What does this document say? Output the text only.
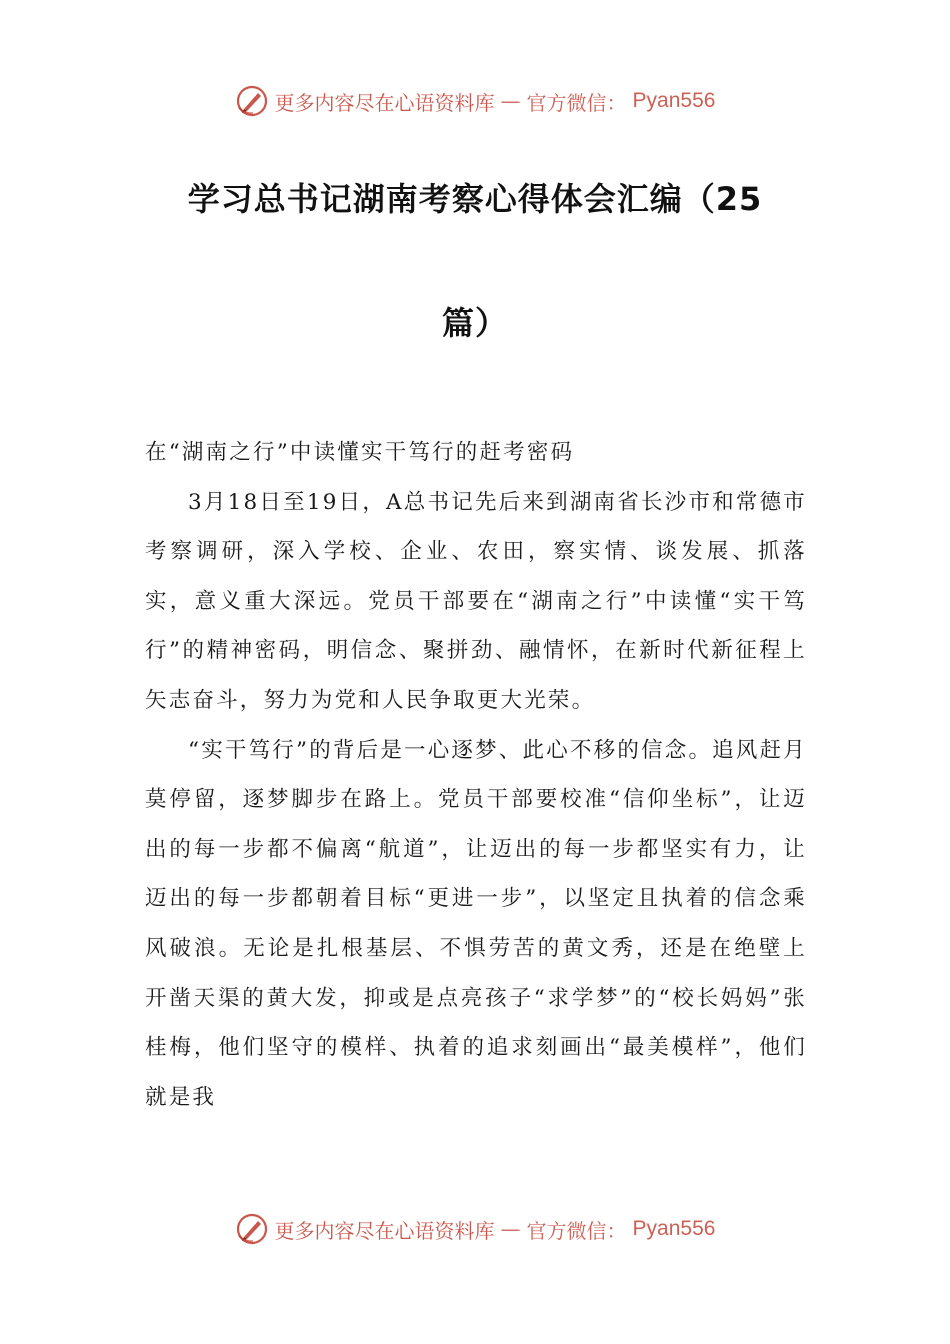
更多内容尽在心语资料库 — 官方微信： Pyan556
学习总书记湖南考察心得体会汇编（25
篇）

在“湖南之行”中读懂实干笃行的赶考密码

3月18日至19日，A总书记先后来到湖南省长沙市和常德市考察调研，深入学校、企业、农田，察实情、谈发展、抓落实，意义重大深远。党员干部要在“湖南之行”中读懂“实干笃行”的精神密码，明信念、聚拼劲、融情怀，在新时代新征程上矢志奋斗，努力为党和人民争取更大光荣。

“实干笃行”的背后是一心逐梦、此心不移的信念。追风赶月莫停留，逐梦脚步在路上。党员干部要校准“信仰坐标”，让迈出的每一步都不偏离“航道”，让迈出的每一步都坚实有力，让迈出的每一步都朝着目标“更进一步”，以坚定且执着的信念乘风破浪。无论是扎根基层、不惧劳苦的黄文秀，还是在绝壁上开凿天渠的黄大发，抑或是点亮孩子“求学梦”的“校长妈妈”张桂梅，他们坚守的模样、执着的追求刻画出“最美模样”，他们就是我

更多内容尽在心语资料库 — 官方微信： Pyan556
